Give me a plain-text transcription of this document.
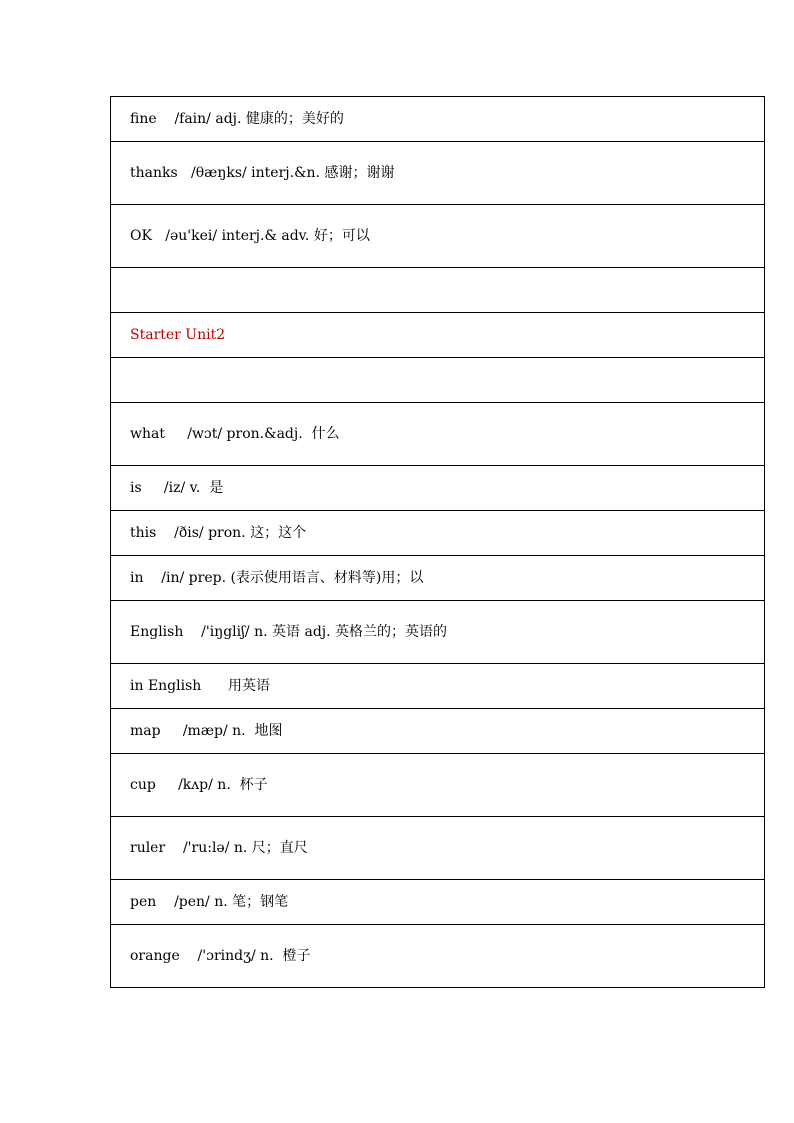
fine    /fain/ adj. 健康的；美好的
thanks   /θæŋks/ interj.&n. 感谢；谢谢
OK   /əu'kei/ interj.& adv. 好；可以
Starter Unit2
what     /wɔt/ pron.&adj.  什么
is     /iz/ v.  是
this    /ðis/ pron. 这；这个
in    /in/ prep. (表示使用语言、材料等)用；以
English    /'iŋgliʃ/ n. 英语 adj. 英格兰的；英语的
in English      用英语
map     /mæp/ n.  地图
cup     /kʌp/ n.  杯子
ruler    /'ru:lə/ n. 尺；直尺
pen    /pen/ n. 笔；钢笔
orange    /'ɔrindʒ/ n.  橙子
